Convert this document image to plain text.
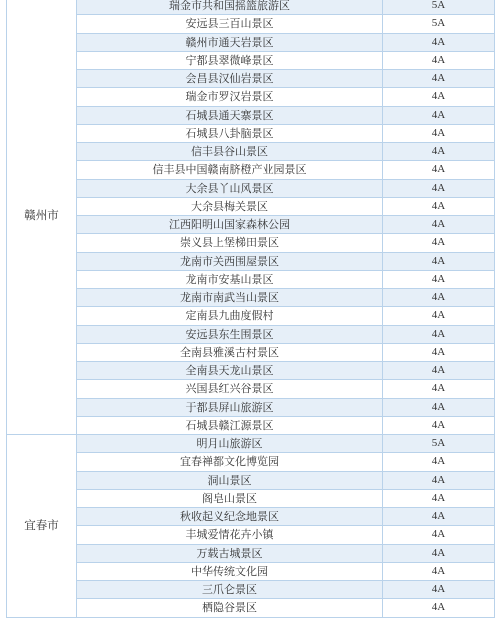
赣州市	瑞金市共和国摇篮旅游区	5A
	安远县三百山景区	5A
	赣州市通天岩景区	4A
	宁都县翠微峰景区	4A
	会昌县汉仙岩景区	4A
	瑞金市罗汉岩景区	4A
	石城县通天寨景区	4A
	石城县八卦脑景区	4A
	信丰县谷山景区	4A
	信丰县中国赣南脐橙产业园景区	4A
	大余县丫山风景区	4A
	大余县梅关景区	4A
	江西阳明山国家森林公园	4A
	崇义县上堡梯田景区	4A
	龙南市关西围屋景区	4A
	龙南市安基山景区	4A
	龙南市南武当山景区	4A
	定南县九曲度假村	4A
	安远县东生围景区	4A
	全南县雅溪古村景区	4A
	全南县天龙山景区	4A
	兴国县红兴谷景区	4A
	于都县屏山旅游区	4A
	石城县赣江源景区	4A
宜春市	明月山旅游区	5A
	宜春禅都文化博览园	4A
	洞山景区	4A
	阁皂山景区	4A
	秋收起义纪念地景区	4A
	丰城爱情花卉小镇	4A
	万载古城景区	4A
	中华传统文化园	4A
	三爪仑景区	4A
	栖隐谷景区	4A
